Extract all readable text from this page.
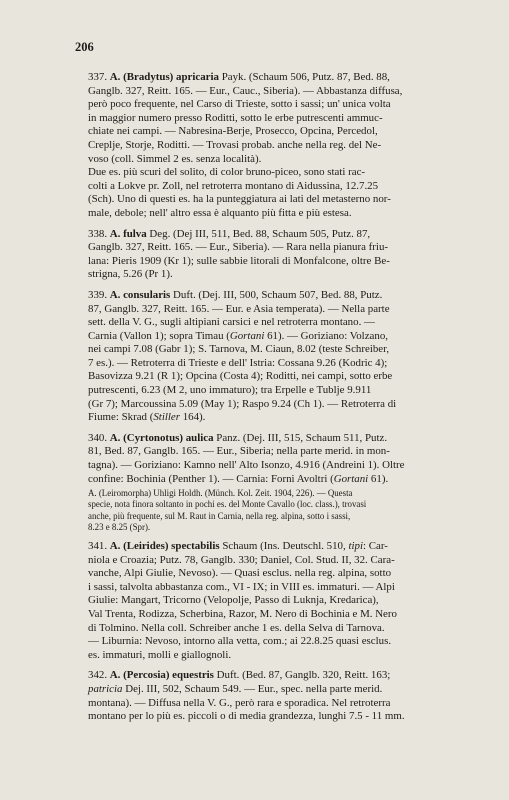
206

337. A. (Bradytus) apricaria Payk. (Schaum 506, Putz. 87, Bed. 88,
Ganglb. 327, Reitt. 165. — Eur., Cauc., Siberia). — Abbastanza diffusa,
però poco frequente, nel Carso di Trieste, sotto i sassi; un' unica volta
in maggior numero presso Roditti, sotto le erbe putrescenti ammuc-
chiate nei campi. — Nabresina-Berje, Prosecco, Opcina, Percedol,
Creplje, Storje, Roditti. — Trovasi probab. anche nella reg. del Ne-
voso (coll. Simmel 2 es. senza località).

Due es. più scuri del solito, di color bruno-piceo, sono stati rac-
colti a Lokve pr. Zoll, nel retroterra montano di Aidussina, 12.7.25
(Sch). Uno di questi es. ha la punteggiatura ai lati del metasterno nor-
male, debole; nell' altro essa è alquanto più fitta e più estesa.

338. A. fulva Deg. (Dej III, 511, Bed. 88, Schaum 505, Putz. 87,
Ganglb. 327, Reitt. 165. — Eur., Siberia). — Rara nella pianura friu-
lana: Pieris 1909 (Kr 1); sulle sabbie litorali di Monfalcone, oltre Be-
strigna, 5.26 (Pr 1).

339. A. consularis Duft. (Dej. III, 500, Schaum 507, Bed. 88, Putz.
87, Ganglb. 327, Reitt. 165. — Eur. e Asia temperata). — Nella parte
sett. della V. G., sugli altipiani carsici e nel retroterra montano. —
Carnia (Vallon 1); sopra Timau (Gortani 61). — Goriziano: Volzano,
nei campi 7.08 (Gabr 1); S. Tarnova, M. Ciaun, 8.02 (teste Schreiber,
7 es.). — Retroterra di Trieste e dell' Istria: Cossana 9.26 (Kodric 4);
Basovizza 9.21 (R 1); Opcina (Costa 4); Roditti, nei campi, sotto erbe
putrescenti, 6.23 (M 2, uno immaturo); tra Erpelle e Tublje 9.911
(Gr 7); Marcoussina 5.09 (May 1); Raspo 9.24 (Ch 1). — Retroterra di
Fiume: Skrad (Stiller 164).

340. A. (Cyrtonotus) aulica Panz. (Dej. III, 515, Schaum 511, Putz.
81, Bed. 87, Ganglb. 165. — Eur., Siberia; nella parte merid. in mon-
tagna). — Goriziano: Kamno nell' Alto Isonzo, 4.916 (Andreini 1). Oltre
confine: Bochinia (Penther 1). — Carnia: Forni Avoltri (Gortani 61).

A. (Leiromorpha) Uhligi Holdh. (Münch. Kol. Zeit. 1904, 226). — Questa
specie, nota finora soltanto in pochi es. del Monte Cavallo (loc. class.), trovasi
anche, più frequente, sul M. Raut in Carnia, nella reg. alpina, sotto i sassi,
8.23 e 8.25 (Spr).

341. A. (Leirides) spectabilis Schaum (Ins. Deutschl. 510, tipi: Car-
niola e Croazia; Putz. 78, Ganglb. 330; Daniel, Col. Stud. II, 32. Cara-
vanche, Alpi Giulie, Nevoso). — Quasi esclus. nella reg. alpina, sotto
i sassi, talvolta abbastanza com., VI - IX; in VIII es. immaturi. — Alpi
Giulie: Mangart, Tricorno (Velopolje, Passo di Luknja, Kredarica),
Val Trenta, Rodizza, Scherbina, Razor, M. Nero di Bochinia e M. Nero
di Tolmino. Nella coll. Schreiber anche 1 es. della Selva di Tarnova.
— Liburnia: Nevoso, intorno alla vetta, com.; ai 22.8.25 quasi esclus.
es. immaturi, molli e giallognoli.

342. A. (Percosia) equestris Duft. (Bed. 87, Ganglb. 320, Reitt. 163;
patricia Dej. III, 502, Schaum 549. — Eur., spec. nella parte merid.
montana). — Diffusa nella V. G., però rara e sporadica. Nel retroterra
montano per lo più es. piccoli o di media grandezza, lunghi 7.5 - 11 mm.
